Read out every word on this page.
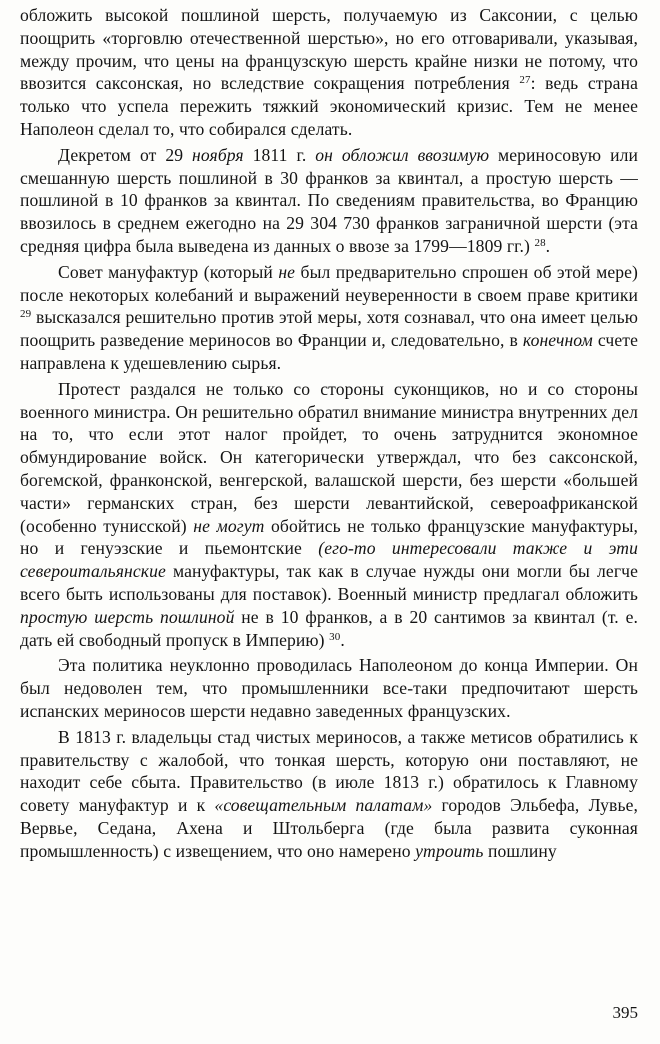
обложить высокой пошлиной шерсть, получаемую из Саксонии, с целью поощрить «торговлю отечественной шерстью», но его отговаривали, указывая, между прочим, что цены на французскую шерсть крайне низки не потому, что ввозится саксонская, но вследствие сокращения потребления $^{27}$: ведь страна только что успела пережить тяжкий экономический кризис. Тем не менее Наполеон сделал то, что собирался сделать.

Декретом от 29 ноября 1811 г. он обложил ввозимую мериносовую или смешанную шерсть пошлиной в 30 франков за квинтал, а простую шерсть — пошлиной в 10 франков за квинтал. По сведениям правительства, во Францию ввозилось в среднем ежегодно на 29 304 730 франков заграничной шерсти (эта средняя цифра была выведена из данных о ввозе за 1799—1809 гг.) $^{28}$.

Совет мануфактур (который не был предварительно спрошен об этой мере) после некоторых колебаний и выражений неуверенности в своем праве критики $^{29}$ высказался решительно против этой меры, хотя сознавал, что она имеет целью поощрить разведение мериносов во Франции и, следовательно, в конечном счете направлена к удешевлению сырья.

Протест раздался не только со стороны суконщиков, но и со стороны военного министра. Он решительно обратил внимание министра внутренних дел на то, что если этот налог пройдет, то очень затруднится экономное обмундирование войск. Он категорически утверждал, что без саксонской, богемской, франконской, венгерской, валашской шерсти, без шерсти «большей части» германских стран, без шерсти левантийской, североафриканской (особенно тунисской) не могут обойтись не только французские мануфактуры, но и генуэзские и пьемонтские (его-то интересовали также и эти североитальянские мануфактуры, так как в случае нужды они могли бы легче всего быть использованы для поставок). Военный министр предлагал обложить простую шерсть пошлиной не в 10 франков, а в 20 сантимов за квинтал (т. е. дать ей свободный пропуск в Империю) $^{30}$.

Эта политика неуклонно проводилась Наполеоном до конца Империи. Он был недоволен тем, что промышленники все-таки предпочитают шерсть испанских мериносов шерсти недавно заведенных французских.

В 1813 г. владельцы стад чистых мериносов, а также метисов обратились к правительству с жалобой, что тонкая шерсть, которую они поставляют, не находит себе сбыта. Правительство (в июле 1813 г.) обратилось к Главному совету мануфактур и к «совещательным палатам» городов Эльбефа, Лувье, Вервье, Седана, Ахена и Штольберга (где была развита суконная промышленность) с извещением, что оно намерено утроить пошлину

395
